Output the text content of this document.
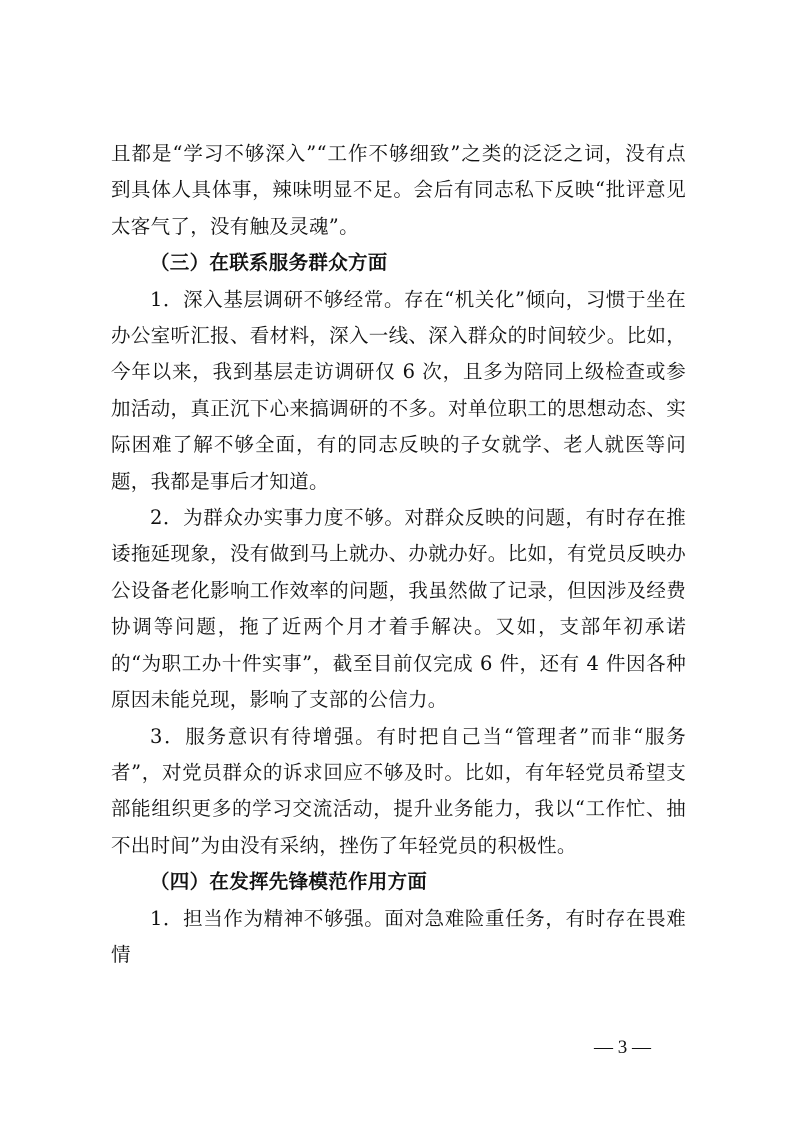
且都是“学习不够深入”“工作不够细致”之类的泛泛之词，没有点到具体人具体事，辣味明显不足。会后有同志私下反映“批评意见太客气了，没有触及灵魂”。

（三）在联系服务群众方面

1．深入基层调研不够经常。存在“机关化”倾向，习惯于坐在办公室听汇报、看材料，深入一线、深入群众的时间较少。比如，今年以来，我到基层走访调研仅 6 次，且多为陪同上级检查或参加活动，真正沉下心来搞调研的不多。对单位职工的思想动态、实际困难了解不够全面，有的同志反映的子女就学、老人就医等问题，我都是事后才知道。

2．为群众办实事力度不够。对群众反映的问题，有时存在推诿拖延现象，没有做到马上就办、办就办好。比如，有党员反映办公设备老化影响工作效率的问题，我虽然做了记录，但因涉及经费协调等问题，拖了近两个月才着手解决。又如，支部年初承诺的“为职工办十件实事”，截至目前仅完成 6 件，还有 4 件因各种原因未能兑现，影响了支部的公信力。

3．服务意识有待增强。有时把自己当“管理者”而非“服务者”，对党员群众的诉求回应不够及时。比如，有年轻党员希望支部能组织更多的学习交流活动，提升业务能力，我以“工作忙、抽不出时间”为由没有采纳，挫伤了年轻党员的积极性。

（四）在发挥先锋模范作用方面

1．担当作为精神不够强。面对急难险重任务，有时存在畏难情

— 3 —
